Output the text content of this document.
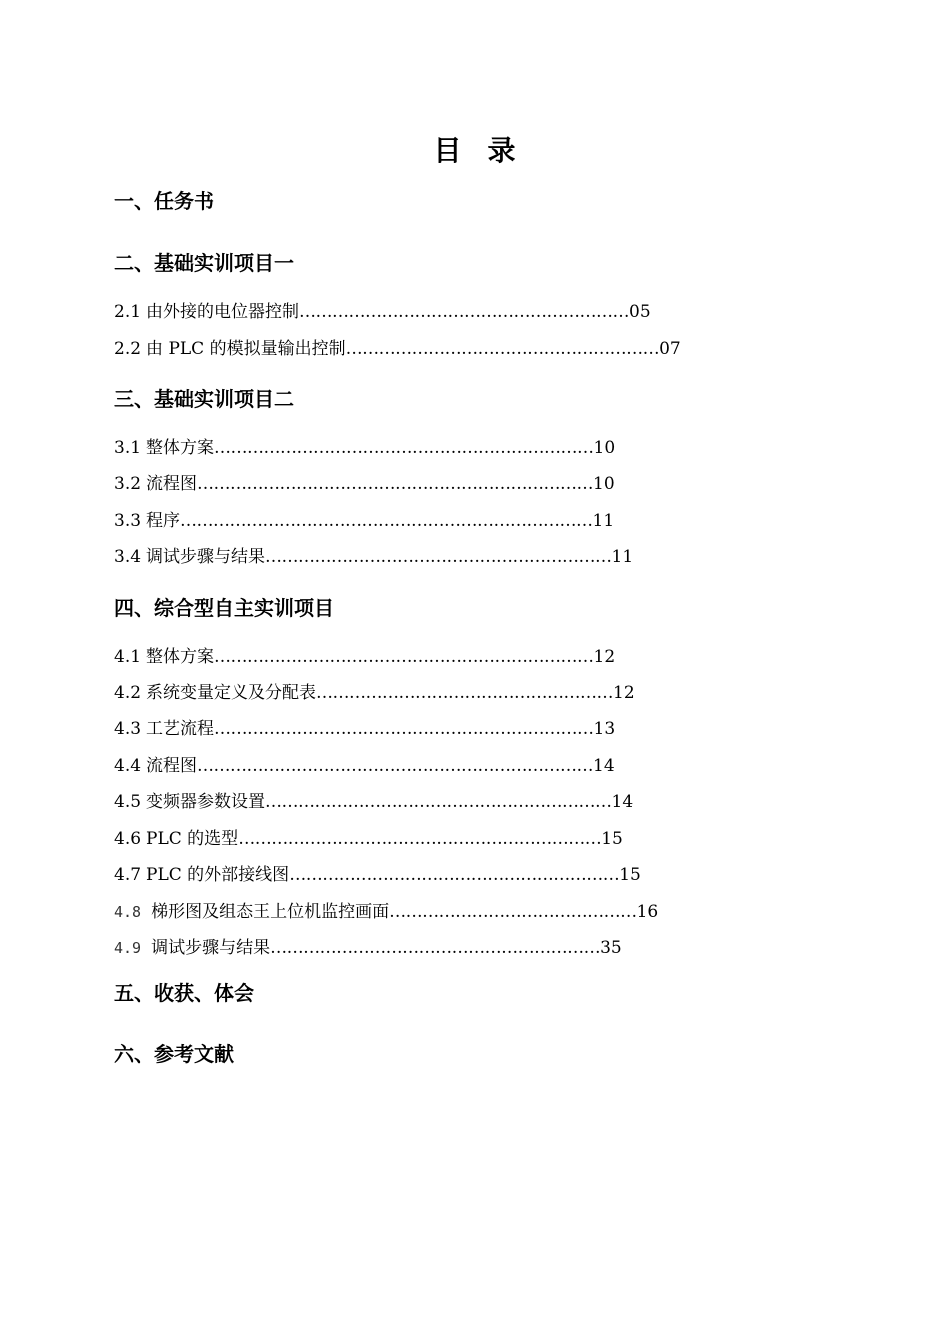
目录
一、任务书
二、基础实训项目一
2.1 由外接的电位器控制……………………………………………………05
2.2 由 PLC 的模拟量输出控制…………………………………………………07
三、基础实训项目二
3.1 整体方案……………………………………………………………10
3.2 流程图………………………………………………………………10
3.3 程序…………………………………………………………………11
3.4 调试步骤与结果………………………………………………………11
四、综合型自主实训项目
4.1 整体方案……………………………………………………………12
4.2 系统变量定义及分配表………………………………………………12
4.3 工艺流程……………………………………………………………13
4.4 流程图………………………………………………………………14
4.5 变频器参数设置………………………………………………………14
4.6 PLC 的选型…………………………………………………………15
4.7 PLC 的外部接线图……………………………………………………15
4.8 梯形图及组态王上位机监控画面………………………………………16
4.9 调试步骤与结果……………………………………………………35
五、收获、体会
六、参考文献
